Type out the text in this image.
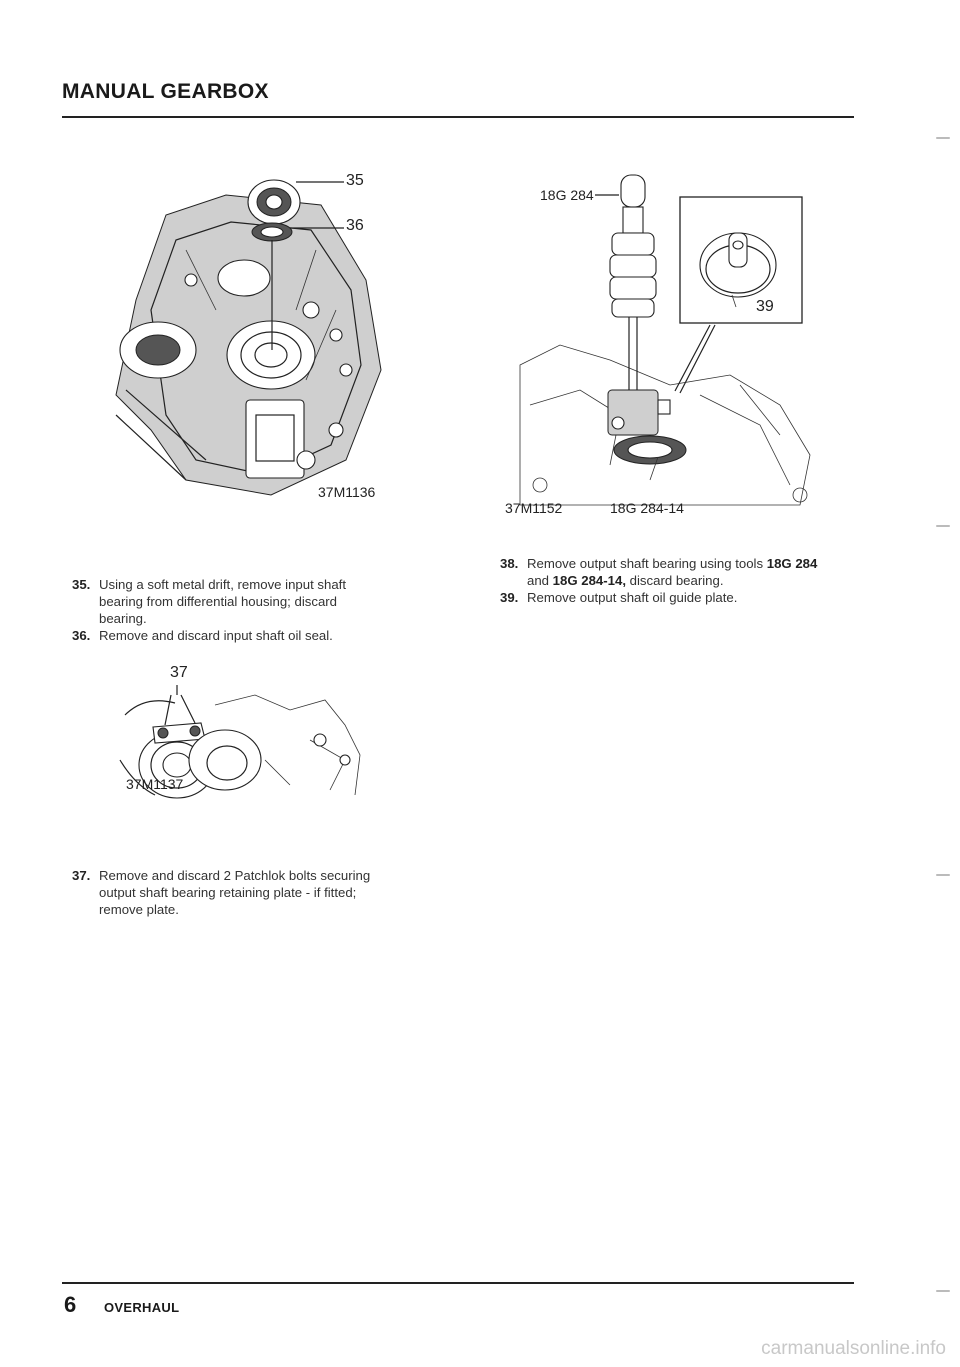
MANUAL GEARBOX
35
36
37M1136
18G 284
39
37M1152	18G 284-14
35. Using a soft metal drift, remove input shaft
bearing from differential housing; discard
bearing.
36. Remove and discard input shaft oil seal.
38. Remove output shaft bearing using tools 18G 284 and 18G 284-14, discard bearing.
39. Remove output shaft oil guide plate.
37
37M1137
37. Remove and discard 2 Patchlok bolts securing
output shaft bearing retaining plate - if fitted;
remove plate.
6 OVERHAUL
carmanualsonline.info
